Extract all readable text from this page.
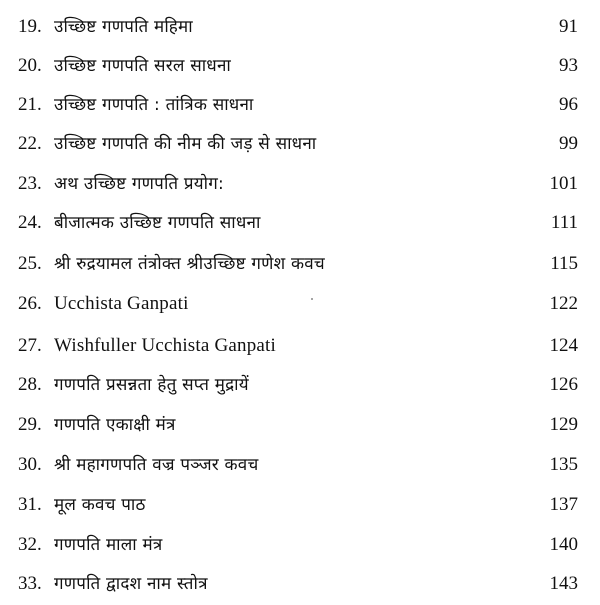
19. उच्छिष्ट गणपति महिमा	91
20. उच्छिष्ट गणपति सरल साधना	93
21. उच्छिष्ट गणपति : तांत्रिक साधना	96
22. उच्छिष्ट गणपति की नीम की जड़ से साधना	99
23. अथ उच्छिष्ट गणपति प्रयोग:	101
24. बीजात्मक उच्छिष्ट गणपति साधना	111
25. श्री रुद्रयामल तंत्रोक्त श्रीउच्छिष्ट गणेश कवच	115
26. Ucchista Ganpati	122
27. Wishfuller Ucchista Ganpati	124
28. गणपति प्रसन्नता हेतु सप्त मुद्रायें	126
29. गणपति एकाक्षी मंत्र	129
30. श्री महागणपति वज्र पञ्जर कवच	135
31. मूल कवच पाठ	137
32. गणपति माला मंत्र	140
33. गणपति द्वादश नाम स्तोत्र	143
